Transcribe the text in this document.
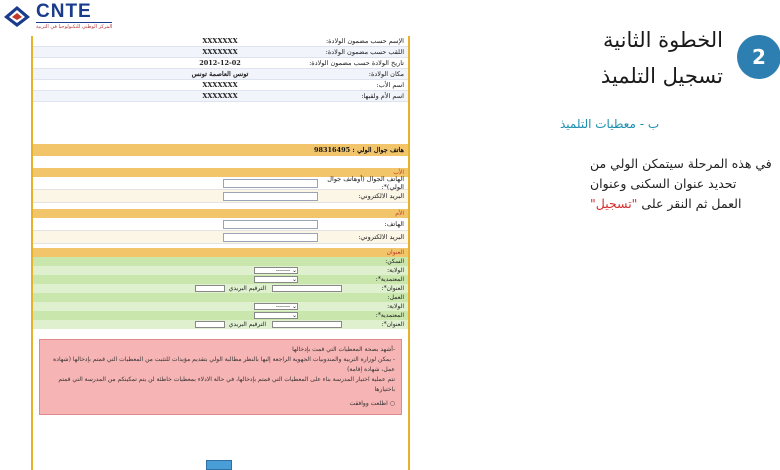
CNTE
المركز الوطني للتكنولوجيا في التربية
الإسم حسب مضمون الولادة:
XXXXXXX
اللقب حسب مضمون الولادة:
XXXXXXX
تاريخ الولادة حسب مضمون الولادة:
2012-12-02
مكان الولادة:
تونس العاصمة تونس
اسم الأب:
XXXXXXX
اسم الأم ولقبها:
XXXXXXX
هاتف جوال الولي :

98316495
الأب
الهاتف الجوال (أوهاتف جوال الولي)*:
البريد الالكتروني:
الأم
الهاتف:
البريد الالكتروني:
العنوان
السكن:
الولاية:
⌄

-------
المعتمدية*:
⌄
العنوان*:
الترقيم البريدي
العمل:
الولاية:
⌄

-------
المعتمدية*:
⌄
العنوان*:
الترقيم البريدي
-أشهد بصحة المعطيات التي قمت بإدخالها
- يمكن لوزارة التربية والمندوبيات الجهوية الراجعة إليها بالنظر مطالبة الولي بتقديم مؤيدات للتثبت من المعطيات التي قمتم بإدخالها (شهادة عمل، شهادة إقامة)
تتم عملية اختيار المدرسة بناء على المعطيات التي قمتم بإدخالها، في حالة الادلاء بمعطيات خاطئة لن يتم تمكينكم من المدرسة التي قمتم باختيارها
○ اطلعت ووافقت
2
الخطوة الثانية
تسجيل التلميذ
ب - معطيات التلميذ
في هذه المرحلة سيتمكن الولي من
تحديد عنوان السكنى وعنوان
العمل ثم النقر على "تسجيل"
